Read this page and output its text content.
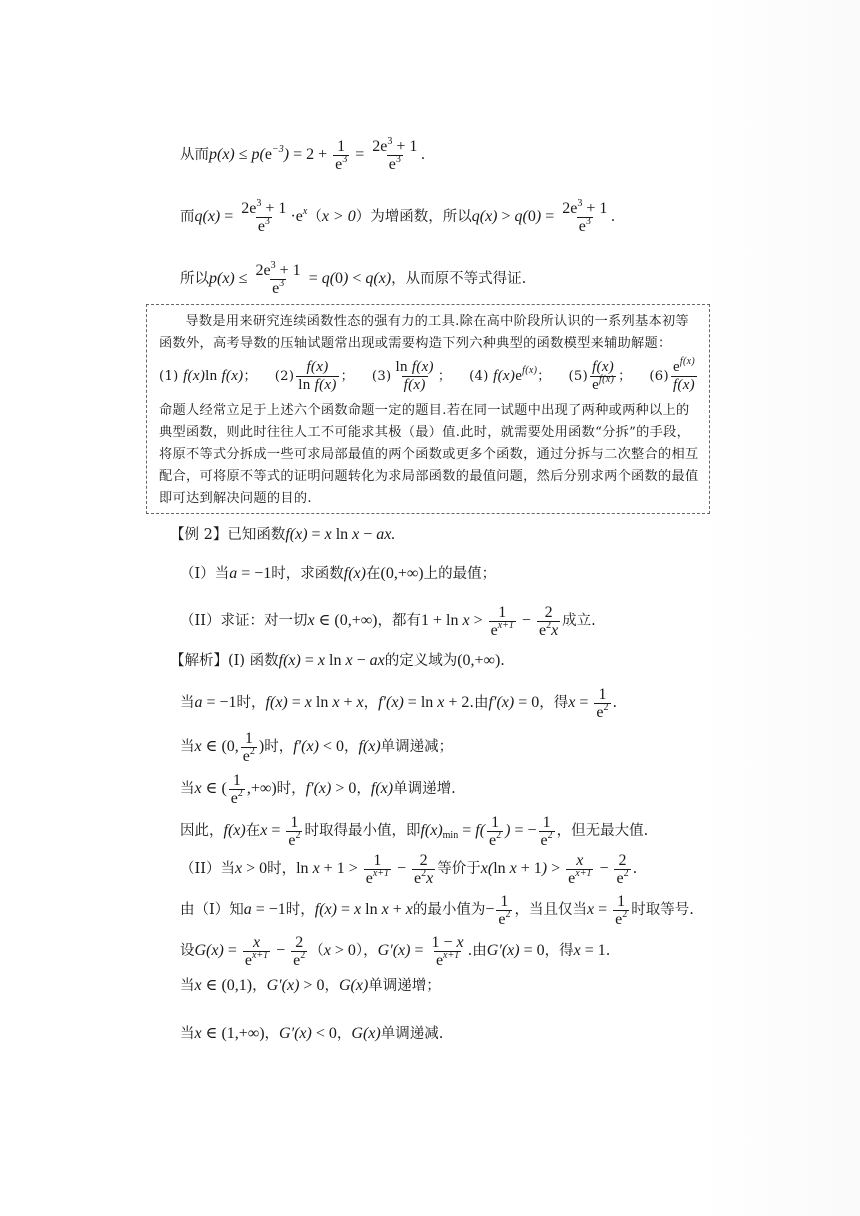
从而$p(x) \le p(e^{-3}) = 2 + \frac{1}{e^3} = \frac{2e^3 + 1}{e^3}$ .
而$q(x) = \frac{2e^3 + 1}{e^3} \cdot e^x(x > 0)$为增函数，所以$q(x) > q(0) = \frac{2e^3 + 1}{e^3}$ .
所以$p(x) \le \frac{2e^3 + 1}{e^3} = q(0) < q(x)$，从而原不等式得证.

导数是用来研究连续函数性态的强有力的工具.除在高中阶段所认识的一系列基本初等函数外，高考导数的压轴试题常出现或需要构造下列六种典型的函数模型来辅助解题：

(1) f(x)ln f(x)； $(2) \frac{f(x)}{\text{ln f(x)}}$ ； $(3) \frac{\text{ln f(x)}}{f(x)}$ ； (4) $f(x)e^{f(x)}$； $(5) \frac{f(x)}{e^{f(x)}}$ ； $(6) \frac{e^{f(x)}}{f(x)}$

命题人经常立足于上述六个函数命题一定的题目.若在同一试题中出现了两种或两种以上的典型函数，则此时往往人工不可能求其极（最）值.此时，就需要处用函数“分拆”的手段，将原不等式分拆成一些可求局部最值的两个函数或更多个函数，通过分拆与二次整合的相互配合，可将原不等式的证明问题转化为求局部函数的最值问题，然后分别求两个函数的最值即可达到解决问题的目的.

【例 2】已知函数f(x) = x ln x − ax.
（I）当a = −1时，求函数f(x)在(0,+∞)上的最值；
（II）求证：对一切x ∈ (0,+∞)，都有$1 + \ln x > \frac{1}{e^{x+1}} - \frac{2}{e^2x}$ 成立.
【解析】(I) 函数f(x) = x ln x − ax的定义域为(0,+∞).
当a = −1时，f(x) = x ln x + x，f′(x) = ln x + 2.由f′(x) = 0，得$x = \frac{1}{e^2}$ .
当x ∈ (0, $\frac{1}{e^2}$ )时，f′(x) < 0，f(x)单调递减；
当x ∈ ( $\frac{1}{e^2}$ ,+∞)时，f′(x) > 0，f(x)单调递增.
因此，f(x)在$x = \frac{1}{e^2}$ 时取得最小值，即$f(x)_{min} = f( \frac{1}{e^2}$ ) = − $\frac{1}{e^2}$ ，但无最大值.
（II）当x > 0时，$\ln x + 1 > \frac{1}{e^{x+1}} - \frac{2}{e^2x}$ 等价于x(ln $x + 1) > \frac{x}{e^{x+1}} - \frac{2}{e^2}$ .
由（I）知a = −1时，f(x) = x ln x + x的最小值为− $\frac{1}{e^2}$ ，当且仅当$x = \frac{1}{e^2}$ 时取等号.
设$G(x) = \frac{x}{e^{x+1}} - \frac{2}{e^2} (x > 0)$，$G'(x) = \frac{1 - x}{e^{x+1}}$ .由G′(x) = 0，得x = 1.
当x ∈ (0,1)，G′(x) > 0，G(x)单调递增；
当x ∈ (1,+∞)，G′(x) < 0，G(x)单调递减.
